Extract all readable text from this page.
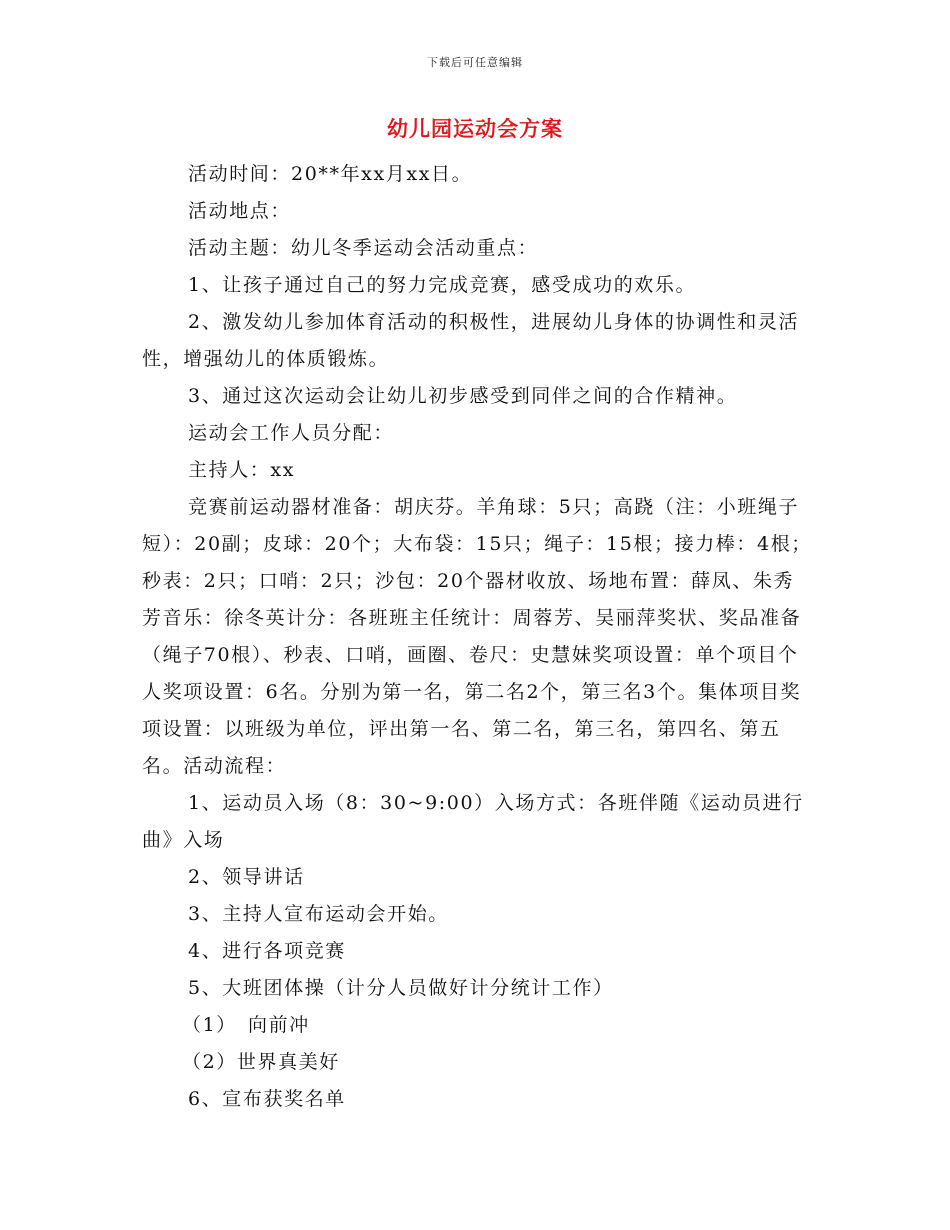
下载后可任意编辑
幼儿园运动会方案

活动时间：20**年xx月xx日。

活动地点：

活动主题：幼儿冬季运动会活动重点：

1、让孩子通过自己的努力完成竞赛，感受成功的欢乐。

2、激发幼儿参加体育活动的积极性，进展幼儿身体的协调性和灵活性，增强幼儿的体质锻炼。

3、通过这次运动会让幼儿初步感受到同伴之间的合作精神。

运动会工作人员分配：

主持人：xx

竞赛前运动器材准备：胡庆芬。羊角球：5只；高跷（注：小班绳子短）：20副；皮球：20个；大布袋：15只；绳子：15根；接力棒：4根；秒表：2只；口哨：2只；沙包：20个器材收放、场地布置：薛凤、朱秀芳音乐：徐冬英计分：各班班主任统计：周蓉芳、吴丽萍奖状、奖品准备（绳子70根）、秒表、口哨，画圈、卷尺：史慧妹奖项设置：单个项目个人奖项设置：6名。分别为第一名，第二名2个，第三名3个。集体项目奖项设置：以班级为单位，评出第一名、第二名，第三名，第四名、第五名。活动流程：

1、运动员入场（8：30~9:00）入场方式：各班伴随《运动员进行曲》入场

2、领导讲话

3、主持人宣布运动会开始。

4、进行各项竞赛

5、大班团体操（计分人员做好计分统计工作）

（1）　向前冲

（2）世界真美好

6、宣布获奖名单
